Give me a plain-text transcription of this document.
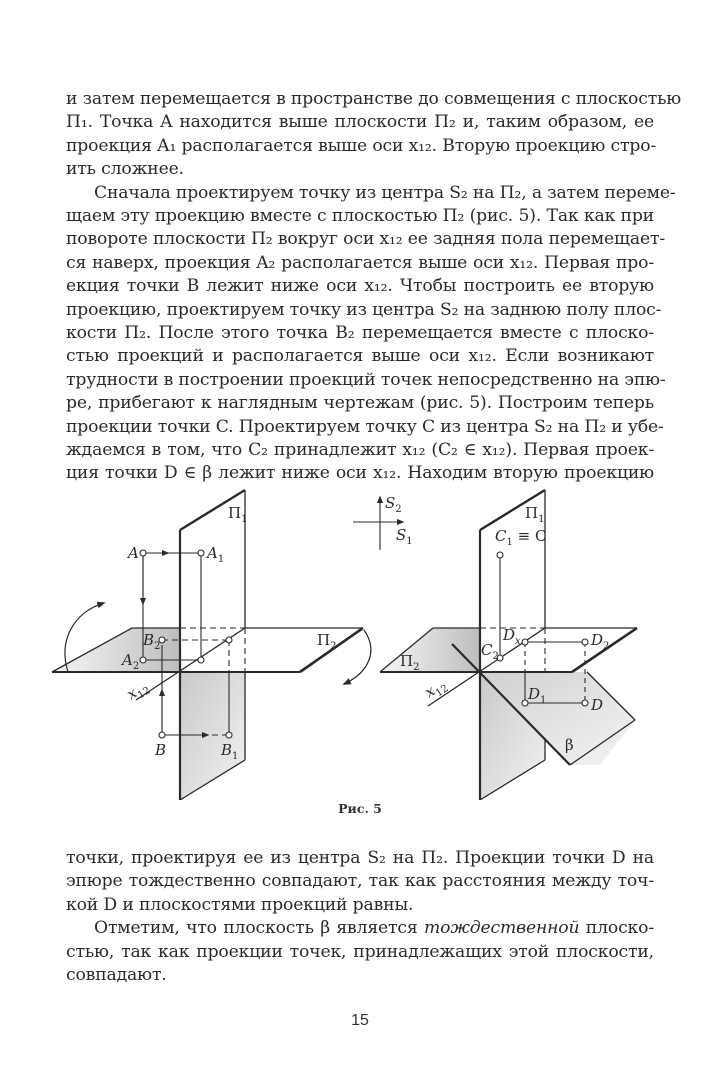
и затем перемещается в пространстве до совмещения с плоскостью
П₁. Точка A находится выше плоскости П₂ и, таким образом, ее
проекция A₁ располагается выше оси x₁₂. Вторую проекцию стро-
ить сложнее.
Сначала проектируем точку из центра S₂ на П₂, а затем переме-
щаем эту проекцию вместе с плоскостью П₂ (рис. 5). Так как при
повороте плоскости П₂ вокруг оси x₁₂ ее задняя пола перемещает-
ся наверх, проекция A₂ располагается выше оси x₁₂. Первая про-
екция точки B лежит ниже оси x₁₂. Чтобы построить ее вторую
проекцию, проектируем точку из центра S₂ на заднюю полу плос-
кости П₂. После этого точка B₂ перемещается вместе с плоско-
стью проекций и располагается выше оси x₁₂. Если возникают
трудности в построении проекций точек непосредственно на эпю-
ре, прибегают к наглядным чертежам (рис. 5). Построим теперь
проекции точки C. Проектируем точку C из центра S₂ на П₂ и убе-
ждаемся в том, что C₂ принадлежит x₁₂ (C₂ ∈ x₁₂). Первая проек-
ция точки D ∈ β лежит ниже оси x₁₂. Находим вторую проекцию
$П_1$
A	$A_1$
$A_2$
$B_2$
B	$B_1$
$П_2$
$x_{12}$
$S_2$
$S_1$
$П_1$
$C_1 \equiv C$
$C_2$
$D_x$	$D_2$
$D_1$	D
β
$П_2$
$x_{12}$
Рис. 5
точки, проектируя ее из центра S₂ на П₂. Проекции точки D на
эпюре тождественно совпадают, так как расстояния между точ-
кой D и плоскостями проекций равны.
Отметим, что плоскость β является тождественной плоско-
стью, так как проекции точек, принадлежащих этой плоскости,
совпадают.
15
